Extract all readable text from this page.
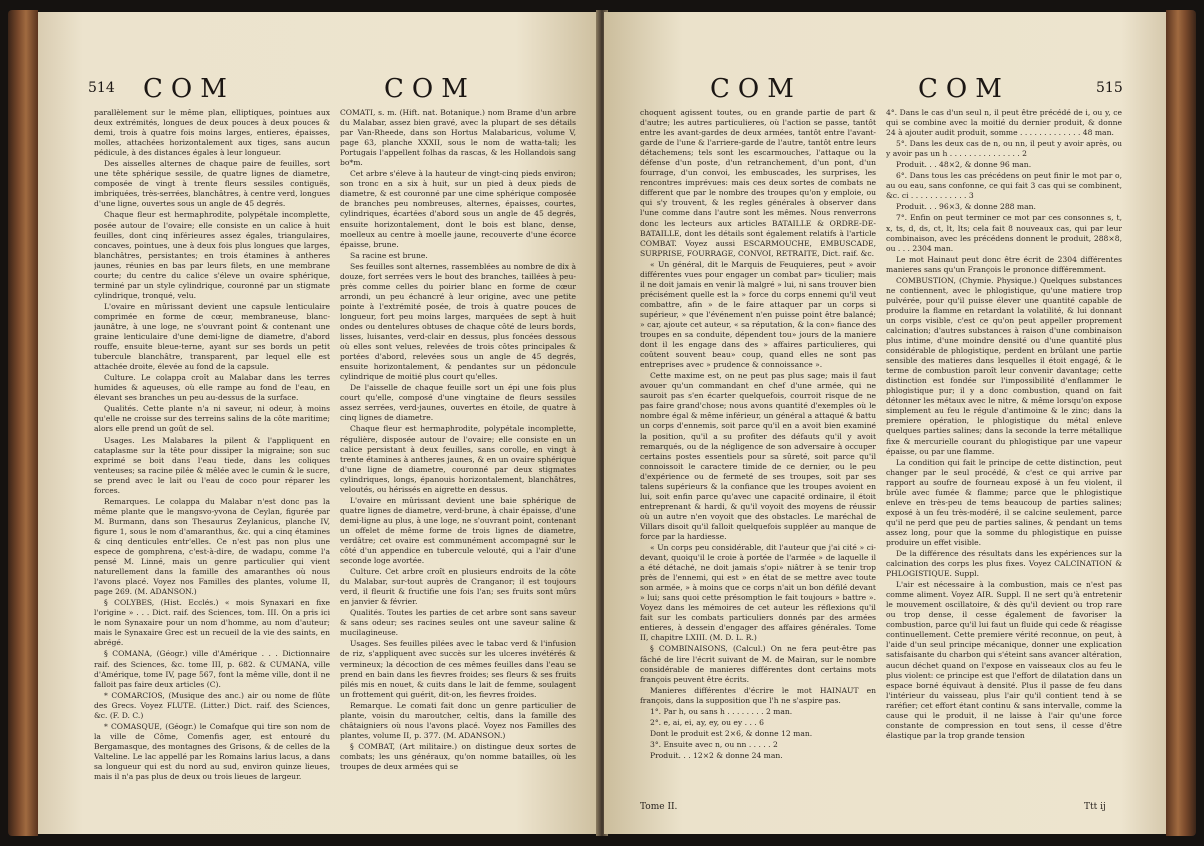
514 COM	COM

parallèlement sur le même plan, elliptiques, pointues aux deux extrémités, longues de deux pouces à deux pouces & demi, trois à quatre fois moins larges, entieres, épaisses, molles, attachées horizontalement aux tiges, sans aucun pédicule, à des distances égales à leur longueur.

Des aisselles alternes de chaque paire de feuilles, sort une tête sphérique sessile, de quatre lignes de diametre, composée de vingt à trente fleurs sessiles contiguës, imbriquées, très-serrées, blanchâtres, à centre verd, longues d'une ligne, ouvertes sous un angle de 45 degrés.

Chaque fleur est hermaphrodite, polypétale incomplette, posée autour de l'ovaire; elle consiste en un calice à huit feuilles, dont cinq inférieures assez égales, triangulaires, concaves, pointues, une à deux fois plus longues que larges, blanchâtres, persistantes; en trois étamines à antheres jaunes, réunies en bas par leurs filets, en une membrane courte; du centre du calice s'éleve un ovaire sphérique, terminé par un style cylindrique, couronné par un stigmate cylindrique, tronqué, velu.

L'ovaire en mûrissant devient une capsule lenticulaire comprimée en forme de cœur, membraneuse, blanc-jaunâtre, à une loge, ne s'ouvrant point & contenant une graine lenticulaire d'une demi-ligne de diametre, d'abord rouffe, ensuite bleue-terne, ayant sur ses bords un petit tubercule blanchâtre, transparent, par lequel elle est attachée droite, élevée au fond de la capsule.

Culture. Le colappa croît au Malabar dans les terres humides & aqueuses, où elle rampe au fond de l'eau, en élevant ses branches un peu au-dessus de la surface.

Qualités. Cette plante n'a ni saveur, ni odeur, à moins qu'elle ne croisse sur des terreins salins de la côte maritime; alors elle prend un goût de sel.

Usages. Les Malabares la pilent & l'appliquent en cataplasme sur la tête pour dissiper la migraine; son suc exprimé se boit dans l'eau tiede, dans les coliques venteuses; sa racine pilée & mêlée avec le cumin & le sucre, se prend avec le lait ou l'eau de coco pour réparer les forces.

Remarques. Le colappa du Malabar n'est donc pas la même plante que le mangsvo-yvona de Ceylan, figurée par M. Burmann, dans son Thesaurus Zeylanicus, planche IV, figure 1, sous le nom d'amaranthus, &c. qui a cinq étamines & cinq denticules entr'elles. Ce n'est pas non plus une espece de gomphrena, c'est-à-dire, de wadapu, comme l'a pensé M. Linné, mais un genre particulier qui vient naturellement dans la famille des amaranthes où nous l'avons placé. Voyez nos Familles des plantes, volume II, page 269. (M. ADANSON.)

§ COLYBES, (Hist. Ecclés.) « mois Synaxari en fixe l'origine » . . . Dict. raif. des Sciences, tom. III. On a pris ici le nom Synaxaire pour un nom d'homme, au nom d'auteur; mais le Synaxaire Grec est un recueil de la vie des saints, en abrégé.

§ COMANA, (Géogr.) ville d'Amérique . . . Dictionnaire raif. des Sciences, &c. tome III, p. 682. & CUMANA, ville d'Amérique, tome IV, page 567, font la même ville, dont il ne falloit pas faire deux articles (C).

* COMARCIOS, (Musique des anc.) air ou nome de flûte des Grecs. Voyez FLUTE. (Litter.) Dict. raif. des Sciences, &c. (F. D. C.)

* COMASQUE, (Géogr.) le Comafque qui tire son nom de la ville de Côme, Comenfis ager, est entouré du Bergamasque, des montagnes des Grisons, & de celles de la Valteline. Le lac appellé par les Romains larius lacus, a dans sa longueur qui est du nord au sud, environ quinze lieues, mais il n'a pas plus de deux ou trois lieues de largeur.

COMATI, s. m. (Hift. nat. Botanique.) nom Brame d'un arbre du Malabar, assez bien gravé, avec la plupart de ses détails par Van-Rheede, dans son Hortus Malabaricus, volume V, page 63, planche XXXII, sous le nom de watta-tali; les Portugais l'appellent folhas da rascas, & les Hollandois sang bo*m.

Cet arbre s'éleve à la hauteur de vingt-cinq pieds environ; son tronc en a six à huit, sur un pied à deux pieds de diametre, & est couronné par une cime sphérique composée de branches peu nombreuses, alternes, épaisses, courtes, cylindriques, écartées d'abord sous un angle de 45 degrés, ensuite horizontalement, dont le bois est blanc, dense, moelleux au centre à moelle jaune, recouverte d'une écorce épaisse, brune.

Sa racine est brune.

Ses feuilles sont alternes, rassemblées au nombre de dix à douze, fort serrées vers le bout des branches, taillées à peu-près comme celles du poirier blanc en forme de cœur arrondi, un peu échancré à leur origine, avec une petite pointe à l'extrémité posée, de trois à quatre pouces de longueur, fort peu moins larges, marquées de sept à huit ondes ou dentelures obtuses de chaque côté de leurs bords, lisses, luisantes, verd-clair en dessus, plus foncées dessous où elles sont velues, relevées de trois côtes principales & portées d'abord, relevées sous un angle de 45 degrés, ensuite horizontalement, & pendantes sur un pédoncule cylindrique de moitié plus court qu'elles.

De l'aisselle de chaque feuille sort un épi une fois plus court qu'elle, composé d'une vingtaine de fleurs sessiles assez serrées, verd-jaunes, ouvertes en étoile, de quatre à cinq lignes de diametre.

Chaque fleur est hermaphrodite, polypétale incomplette, régulière, disposée autour de l'ovaire; elle consiste en un calice persistant à deux feuilles, sans corolle, en vingt à trente étamines à antheres jaunes, & en un ovaire sphérique d'une ligne de diametre, couronné par deux stigmates cylindriques, longs, épanouis horizontalement, blanchâtres, veloutés, ou hérissés en aigrette en dessus.

L'ovaire en mûrissant devient une baie sphérique de quatre lignes de diametre, verd-brune, à chair épaisse, d'une demi-ligne au plus, à une loge, ne s'ouvrant point, contenant un offelet de même forme de trois lignes de diametre, verdâtre; cet ovaire est communément accompagné sur le côté d'un appendice en tubercule velouté, qui a l'air d'une seconde loge avortée.

Culture. Cet arbre croît en plusieurs endroits de la côte du Malabar, sur-tout auprès de Cranganor; il est toujours verd, il fleurit & fructifie une fois l'an; ses fruits sont mûrs en janvier & février.

Qualités. Toutes les parties de cet arbre sont sans saveur & sans odeur; ses racines seules ont une saveur saline & mucilagineuse.

Usages. Ses feuilles pilées avec le tabac verd & l'infusion de riz, s'appliquent avec succès sur les ulceres invétérés & vermineux; la décoction de ces mêmes feuilles dans l'eau se prend en bain dans les fievres froides; ses fleurs & ses fruits pilés mis en nouet, & cuits dans le lait de femme, soulagent un frottement qui guérit, dit-on, les fievres froides.

Remarque. Le comati fait donc un genre particulier de plante, voisin du maroutcher, celtis, dans la famille des châtaigniers où nous l'avons placé. Voyez nos Familles des plantes, volume II, p. 377. (M. ADANSON.)

§ COMBAT, (Art militaire.) on distingue deux sortes de combats; les uns généraux, qu'on nomme batailles, où les troupes de deux armées qui se

COM	COM	515

choquent agissent toutes, ou en grande partie de part & d'autre; les autres particulieres, où l'action se passe, tantôt entre les avant-gardes de deux armées, tantôt entre l'avant-garde de l'une & l'arriere-garde de l'autre, tantôt entre leurs détachemens; tels sont les escarmouches, l'attaque ou la défense d'un poste, d'un retranchement, d'un pont, d'un fourrage, d'un convoi, les embuscades, les surprises, les rencontres imprévues: mais ces deux sortes de combats ne different que par le nombre des troupes qu'on y emploie, ou qui s'y trouvent, & les regles générales à observer dans l'une comme dans l'autre sont les mêmes. Nous renverrons donc les lecteurs aux articles BATAILLE & ORDRE-DE-BATAILLE, dont les détails sont également relatifs à l'article COMBAT. Voyez aussi ESCARMOUCHE, EMBUSCADE, SURPRISE, FOURRAGE, CONVOI, RETRAITE, Dict. raif. &c.

« Un général, dit le Marquis de Feuquieres, peut » avoir différentes vues pour engager un combat par» ticulier; mais il ne doit jamais en venir là malgré » lui, ni sans trouver bien précisément quelle est la » force du corps ennemi qu'il veut combattre, afin » de le faire attaquer par un corps si supérieur, » que l'événement n'en puisse point être balancé; » car, ajoute cet auteur, « sa réputation, & la con» fiance des troupes en sa conduite, dépendent tou» jours de la maniere dont il les engage dans des » affaires particulieres, qui coûtent souvent beau» coup, quand elles ne sont pas entreprises avec » prudence & connoissance ».

Cette maxime est, on ne peut pas plus sage; mais il faut avouer qu'un commandant en chef d'une armée, qui ne sauroit pas s'en écarter quelquefois, courroit risque de ne pas faire grand'chose; nous avons quantité d'exemples où le nombre égal & même inférieur, un général a attaqué & battu un corps d'ennemis, soit parce qu'il en a avoit bien examiné la position, qu'il a su profiter des défauts qu'il y avoit remarqués, ou de la négligence de son adversaire à occuper certains postes essentiels pour sa sûreté, soit parce qu'il connoissoit le caractere timide de ce dernier, ou le peu d'expérience ou de fermeté de ses troupes, soit par ses talens supérieurs & la confiance que les troupes avoient en lui, soit enfin parce qu'avec une capacité ordinaire, il étoit entreprenant & hardi, & qu'il voyoit des moyens de réussir où un autre n'en voyoit que des obstacles. Le maréchal de Villars disoit qu'il falloit quelquefois suppléer au manque de force par la hardiesse.

« Un corps peu considérable, dit l'auteur que j'ai cité » ci-devant, quoiqu'il le croie à portée de l'armée » de laquelle il a été détaché, ne doit jamais s'opi» niâtrer à se tenir trop près de l'ennemi, qui est » en état de se mettre avec toute son armée, » à moins que ce corps n'ait un bon défilé devant » lui; sans quoi cette présomption le fait toujours » battre ». Voyez dans les mémoires de cet auteur les réflexions qu'il fait sur les combats particuliers donnés par des armées entieres, à dessein d'engager des affaires générales. Tome II, chapitre LXIII. (M. D. L. R.)

§ COMBINAISONS, (Calcul.) On ne fera peut-être pas fâché de lire l'écrit suivant de M. de Mairan, sur le nombre considérable de manieres différentes dont certains mots françois peuvent être écrits.

Manieres différentes d'écrire le mot HAINAUT en françois, dans la supposition que l'h ne s'aspire pas.

1°. Par h, ou sans h . . . . . . . . 2 man.

2°. e, ai, ei, ay, ey, ou ey . . . 6

Dont le produit est 2×6, & donne 12 man.

3°. Ensuite avec n, ou nn . . . . . 2

Produit. . . 12×2 & donne 24 man.

4°. Dans le cas d'un seul n, il peut être précédé de i, ou y, ce qui se combine avec la moitié du dernier produit, & donne 24 à ajouter audit produit, somme . . . . . . . . . . . . . 48 man.

5°. Dans les deux cas de n, ou nn, il peut y avoir après, ou y avoir pas un h . . . . . . . . . . . . . . . 2

Produit. . . 48×2, & donne 96 man.

6°. Dans tous les cas précédens on peut finir le mot par o, au ou eau, sans confonne, ce qui fait 3 cas qui se combinent, &c. ci . . . . . . . . . . . . 3

Produit. . . 96×3, & donne 288 man.

7°. Enfin on peut terminer ce mot par ces consonnes s, t, x, ts, d, ds, ct, lt, lts; cela fait 8 nouveaux cas, qui par leur combinaison, avec les précédens donnent le produit, 288×8, ou . . . 2304 man.

Le mot Hainaut peut donc être écrit de 2304 différentes manieres sans qu'un François le prononce différemment.

COMBUSTION, (Chymie. Physique.) Quelques substances ne contiennent, avec le phlogistique, qu'une matiere trop pulvérée, pour qu'il puisse élever une quantité capable de produire la flamme en retardant la volatilité, & lui donnant un corps visible, c'est ce qu'on peut appeller proprement calcination; d'autres substances à raison d'une combinaison plus intime, d'une moindre densité ou d'une quantité plus considérable de phlogistique, perdent en brûlant une partie sensible des matieres dans lesquelles il étoit engagé, & le terme de combustion paroît leur convenir davantage; cette distinction est fondée sur l'impossibilité d'enflammer le phlogistique pur; il y a donc combustion, quand on fait détonner les métaux avec le nitre, & même lorsqu'on expose simplement au feu le régule d'antimoine & le zinc; dans la premiere opération, le phlogistique du métal enleve quelques parties salines; dans la seconde la terre métallique fixe & mercurielle courant du phlogistique par une vapeur épaisse, ou par une flamme.

La condition qui fait le principe de cette distinction, peut changer par le seul procédé, & c'est ce qui arrive par rapport au soufre de fourneau exposé à un feu violent, il brûle avec fumée & flamme; parce que le phlogistique enleve en très-peu de tems beaucoup de parties salines; exposé à un feu très-modéré, il se calcine seulement, parce qu'il ne perd que peu de parties salines, & pendant un tems assez long, pour que la somme du phlogistique en puisse produire un effet visible.

De la différence des résultats dans les expériences sur la calcination des corps les plus fixes. Voyez CALCINATION & PHLOGISTIQUE. Suppl.

L'air est nécessaire à la combustion, mais ce n'est pas comme aliment. Voyez AIR. Suppl. Il ne sert qu'à entretenir le mouvement oscillatoire, & dès qu'il devient ou trop rare ou trop dense, il cesse également de favoriser la combustion, parce qu'il lui faut un fluide qui cede & réagisse continuellement. Cette premiere vérité reconnue, on peut, à l'aide d'un seul principe mécanique, donner une explication satisfaisante du charbon qui s'éteint sans avancer altération, aucun déchet quand on l'expose en vaisseaux clos au feu le plus violent: ce principe est que l'effort de dilatation dans un espace borné équivaut à densité. Plus il passe de feu dans l'intérieur du vaisseau, plus l'air qu'il contient tend à se raréfier; cet effort étant continu & sans intervalle, comme la cause qui le produit, il ne laisse à l'air qu'une force constante de compression en tout sens, il cesse d'être élastique par la trop grande tension

Tome II.	Ttt ij
